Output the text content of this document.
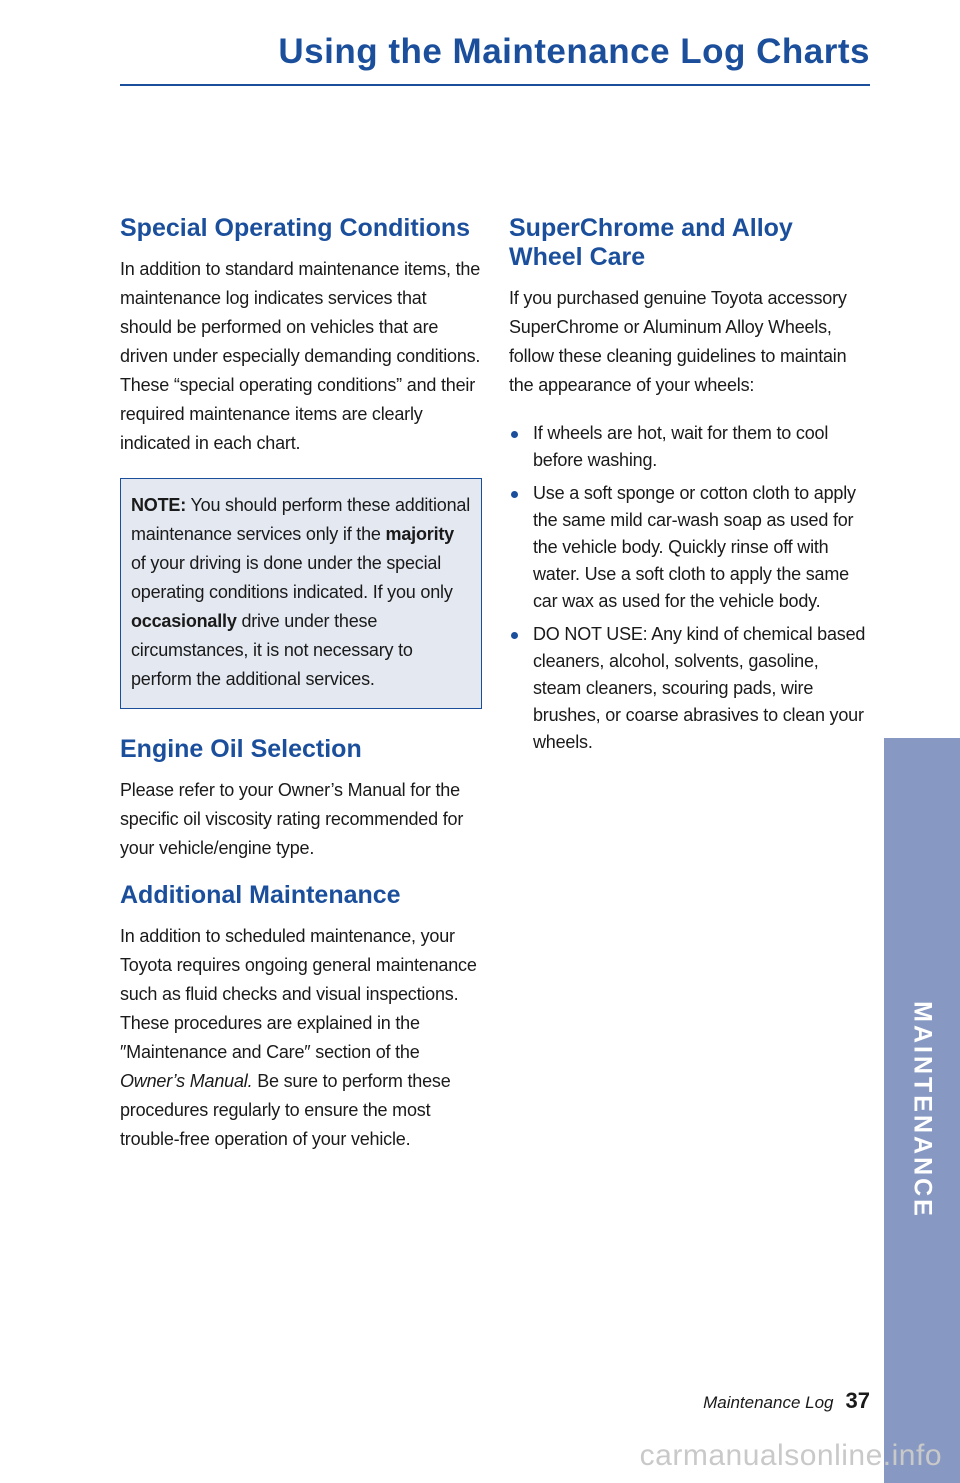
Using the Maintenance Log Charts
Special Operating Conditions

In addition to standard maintenance items, the maintenance log indicates services that should be performed on vehicles that are driven under especially demanding conditions. These “special operating conditions” and their required maintenance items are clearly indicated in each chart.

NOTE: You should perform these additional maintenance services only if the majority of your driving is done under the special operating conditions indicated. If you only occasionally drive under these circumstances, it is not necessary to perform the additional services.

Engine Oil Selection

Please refer to your Owner’s Manual for the specific oil viscosity rating recommended for your vehicle/engine type.

Additional Maintenance

In addition to scheduled maintenance, your Toyota requires ongoing general maintenance such as fluid checks and visual inspections. These procedures are explained in the ″Maintenance and Care″ section of the Owner’s Manual. Be sure to perform these procedures regularly to ensure the most trouble-free operation of your vehicle.

SuperChrome and Alloy Wheel Care

If you purchased genuine Toyota accessory SuperChrome or Aluminum Alloy Wheels, follow these cleaning guidelines to maintain the appearance of your wheels:

If wheels are hot, wait for them to cool before washing.
Use a soft sponge or cotton cloth to apply the same mild car-wash soap as used for the vehicle body. Quickly rinse off with water. Use a soft cloth to apply the same car wax as used for the vehicle body.
DO NOT USE: Any kind of chemical based cleaners, alcohol, solvents, gasoline, steam cleaners, scouring pads, wire brushes, or coarse abrasives to clean your wheels.
MAINTENANCE
Maintenance Log 37
carmanualsonline.info
